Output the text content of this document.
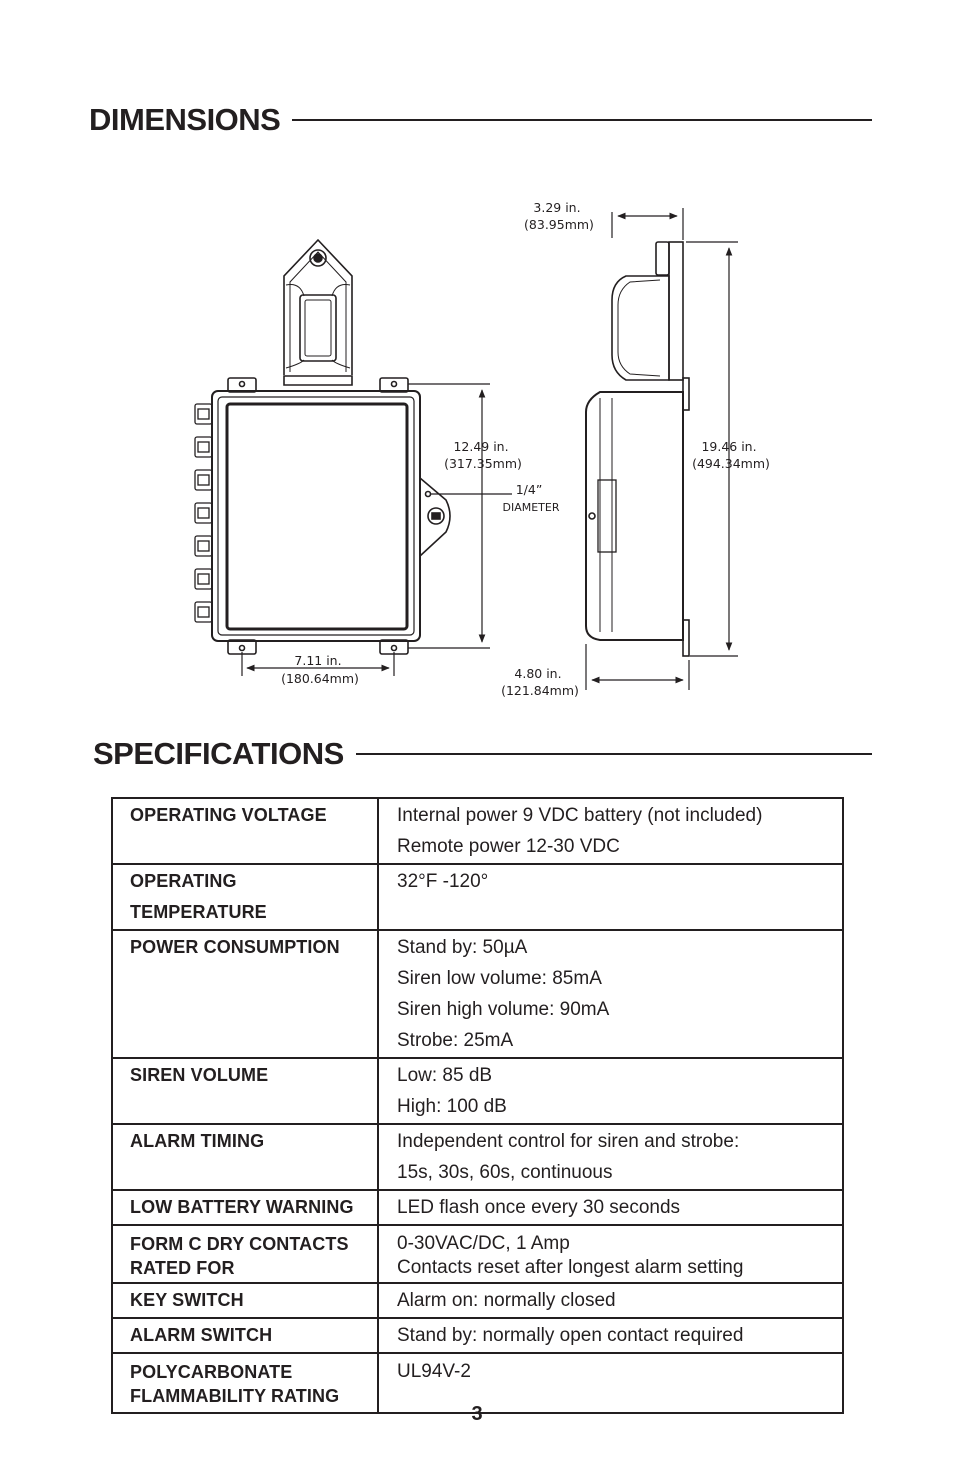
DIMENSIONS
3.29 in. (83.95mm)
12.49 in. (317.35mm)
1/4” DIAMETER
19.46 in. (494.34mm)
7.11 in. (180.64mm)	4.80 in. (121.84mm)
SPECIFICATIONS
OPERATING VOLTAGE	Internal power 9 VDC battery (not included)
Remote power 12-30 VDC

OPERATING TEMPERATURE	32°F -120°

POWER CONSUMPTION	Stand by: 50µA
Siren low volume: 85mA
Siren high volume: 90mA
Strobe: 25mA

SIREN VOLUME	Low: 85 dB
High: 100 dB

ALARM TIMING	Independent control for siren and strobe:
15s, 30s, 60s, continuous

LOW BATTERY WARNING	LED flash once every 30 seconds

FORM C DRY CONTACTS
RATED FOR	0-30VAC/DC, 1 Amp
Contacts reset after longest alarm setting

KEY SWITCH	Alarm on: normally closed

ALARM SWITCH	Stand by: normally open contact required

POLYCARBONATE
FLAMMABILITY RATING	UL94V-2
3
